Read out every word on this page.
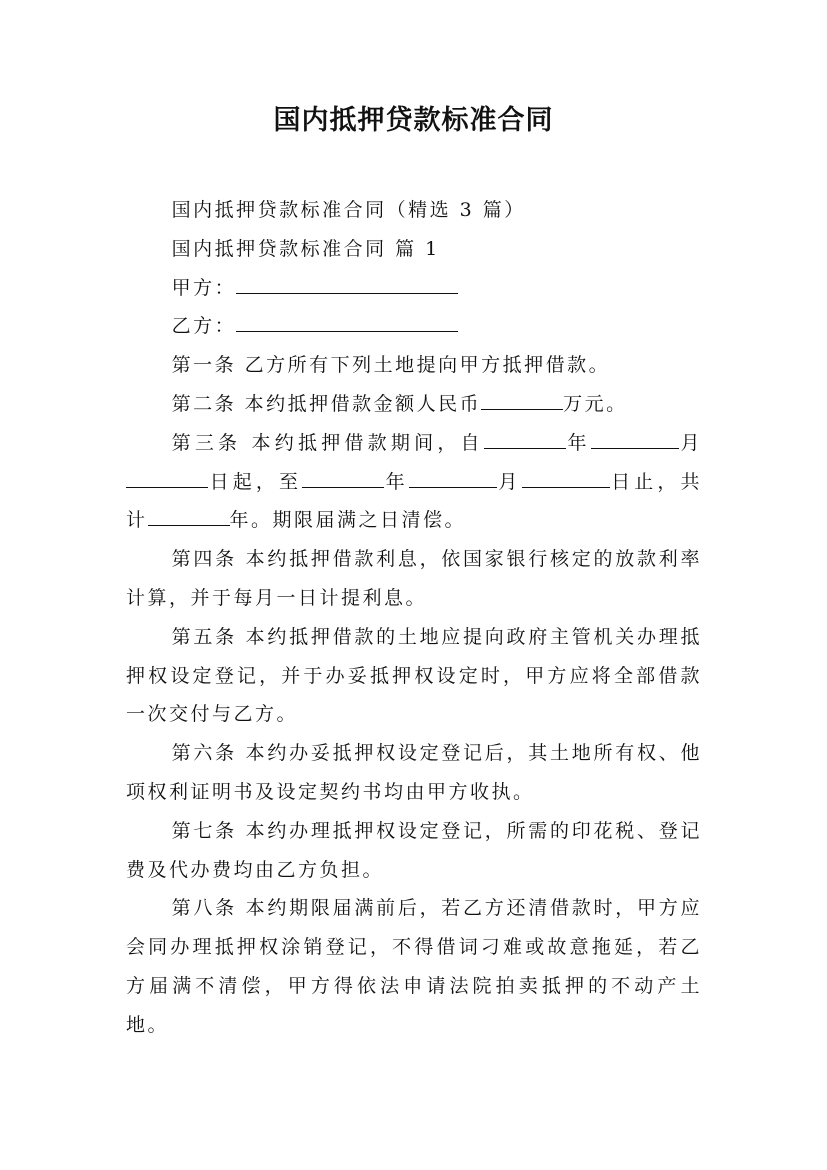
国内抵押贷款标准合同

国内抵押贷款标准合同（精选 3 篇）

国内抵押贷款标准合同 篇 1

甲方：

乙方：

第一条 乙方所有下列土地提向甲方抵押借款。

第二条 本约抵押借款金额人民币	万元。

第三条 本约抵押借款期间，自	年	月日起，至	年	月	日止，共计	年。期限届满之日清偿。

第四条 本约抵押借款利息，依国家银行核定的放款利率计算，并于每月一日计提利息。

第五条 本约抵押借款的土地应提向政府主管机关办理抵押权设定登记，并于办妥抵押权设定时，甲方应将全部借款一次交付与乙方。

第六条 本约办妥抵押权设定登记后，其土地所有权、他项权利证明书及设定契约书均由甲方收执。

第七条 本约办理抵押权设定登记，所需的印花税、登记费及代办费均由乙方负担。

第八条 本约期限届满前后，若乙方还清借款时，甲方应会同办理抵押权涂销登记，不得借词刁难或故意拖延，若乙方届满不清偿，甲方得依法申请法院拍卖抵押的不动产土地。
